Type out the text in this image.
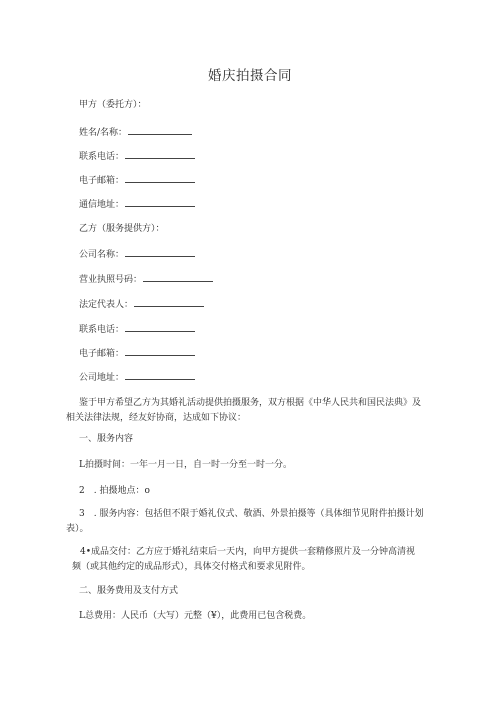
婚庆拍摄合同
甲方（委托方）：
姓名/名称：
联系电话：
电子邮箱：
通信地址：
乙方（服务提供方）：
公司名称：
营业执照号码：
法定代表人：
联系电话：
电子邮箱：
公司地址：
鉴于甲方希望乙方为其婚礼活动提供拍摄服务，双方根据《中华人民共和国民法典》及相关法律法规，经友好协商，达成如下协议：
一、服务内容
L拍摄时间：一年一月一日，自一时一分至一时一分。
2　. 拍摄地点：o
3　. 服务内容：包括但不限于婚礼仪式、敬酒、外景拍摄等（具体细节见附件拍摄计划表）。
4•成品交付：乙方应于婚礼结束后一天内，向甲方提供一套精修照片及一分钟高清视频（或其他约定的成品形式），具体交付格式和要求见附件。
二、服务费用及支付方式
L总费用：人民币（大写）元整（¥），此费用已包含税费。
